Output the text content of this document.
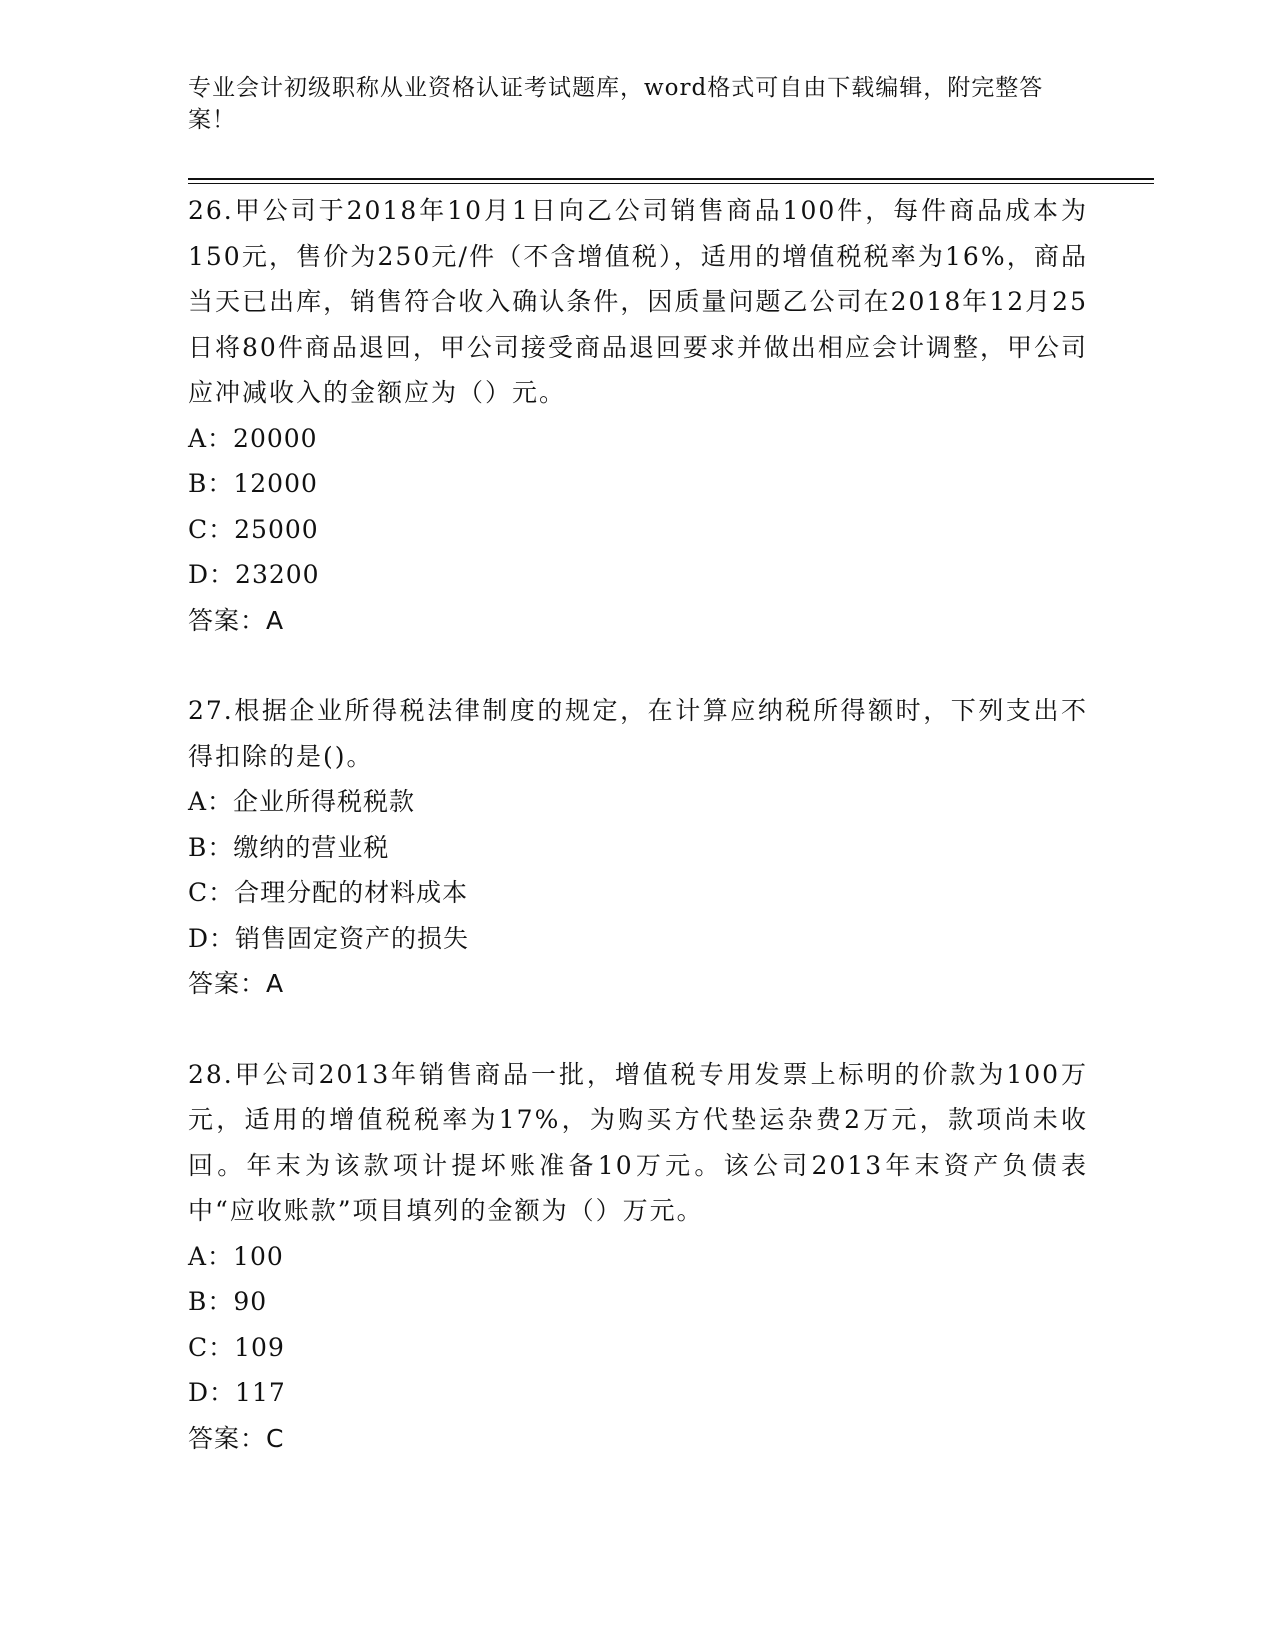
专业会计初级职称从业资格认证考试题库，word格式可自由下载编辑，附完整答案！
26.甲公司于2018年10月1日向乙公司销售商品100件，每件商品成本为150元，售价为250元/件（不含增值税），适用的增值税税率为16%，商品当天已出库，销售符合收入确认条件，因质量问题乙公司在2018年12月25日将80件商品退回，甲公司接受商品退回要求并做出相应会计调整，甲公司应冲减收入的金额应为（）元。
A：20000
B：12000
C：25000
D：23200
答案：A
27.根据企业所得税法律制度的规定，在计算应纳税所得额时，下列支出不得扣除的是()。
A：企业所得税税款
B：缴纳的营业税
C：合理分配的材料成本
D：销售固定资产的损失
答案：A
28.甲公司2013年销售商品一批，增值税专用发票上标明的价款为100万元，适用的增值税税率为17%，为购买方代垫运杂费2万元，款项尚未收回。年末为该款项计提坏账准备10万元。该公司2013年末资产负债表中“应收账款”项目填列的金额为（）万元。
A：100
B：90
C：109
D：117
答案：C
